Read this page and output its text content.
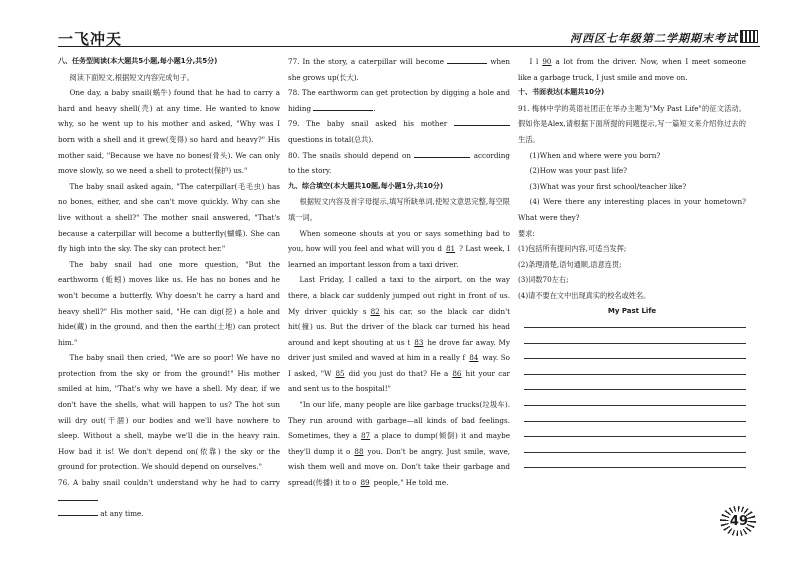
一飞冲天	河西区七年级第二学期期末考试

八、任务型阅读(本大题共5小题,每小题1分,共5分)

阅读下面短文,根据短文内容完成句子。

One day, a baby snail(蜗牛) found that he had to carry a hard and heavy shell(壳) at any time. He wanted to know why, so he went up to his mother and asked, "Why was I born with a shell and it grew(变得) so hard and heavy?" His mother said, "Because we have no bones(骨头). We can only move slowly, so we need a shell to protect(保护) us."

The baby snail asked again, "The caterpillar(毛毛虫) has no bones, either, and she can't move quickly. Why can she live without a shell?" The mother snail answered, "That's because a caterpillar will become a butterfly(蝴蝶). She can fly high into the sky. The sky can protect her."

The baby snail had one more question, "But the earthworm (蚯蚓) moves like us. He has no bones and he won't become a butterfly. Why doesn't he carry a hard and heavy shell?" His mother said, "He can dig(挖) a hole and hide(藏) in the ground, and then the earth(土地) can protect him."

The baby snail then cried, "We are so poor! We have no protection from the sky or from the ground!" His mother smiled at him, "That's why we have a shell. My dear, if we don't have the shells, what will happen to us? The hot sun will dry out(干涸) our bodies and we'll have nowhere to sleep. Without a shell, maybe we'll die in the heavy rain. How bad it is! We don't depend on(依靠) the sky or the ground for protection. We should depend on ourselves."

76. A baby snail couldn't understand why he had to carry
at any time.

77. In the story, a caterpillar will become	when she grows up(长大).

78. The earthworm can get protection by digging a hole and hiding	.

79. The baby snail asked his mother  questions in total(总共).

80. The snails should depend on	according to the story.

九、综合填空(本大题共10题,每小题1分,共10分)

根据短文内容及首字母提示,填写所缺单词,使短文意思完整,每空限填一词。

When someone shouts at you or says something bad to you, how will you feel and what will you d 81 ? Last week, I learned an important lesson from a taxi driver.

Last Friday, I called a taxi to the airport, on the way there, a black car suddenly jumped out right in front of us. My driver quickly s 82 his car, so the black car didn't hit(撞) us. But the driver of the black car turned his head around and kept shouting at us t 83 he drove far away. My driver just smiled and waved at him in a really f 84 way. So I asked, "W 85 did you just do that? He a 86 hit your car and sent us to the hospital!"

"In our life, many people are like garbage trucks(垃圾车). They run around with garbage—all kinds of bad feelings. Sometimes, they a 87 a place to dump(倾倒) it and maybe they'll dump it o 88 you. Don't be angry. Just smile, wave, wish them well and move on. Don't take their garbage and spread(传播) it to o 89 people," He told me.

I l 90 a lot from the driver. Now, when I meet someone like a garbage truck, I just smile and move on.

十、书面表达(本题共10分)

91. 梅林中学的英语社团正在举办主题为"My Past Life"的征文活动。假如你是Alex,请根据下面所提的问题提示,写一篇短文来介绍你过去的生活。

(1)When and where were you born?

(2)How was your past life?

(3)What was your first school/teacher like?

(4) Were there any interesting places in your hometown? What were they?

要求:

(1)包括所有提问内容,可适当发挥;

(2)条理清楚,语句通顺,语意连贯;

(3)词数70左右;

(4)请不要在文中出现真实的校名或姓名。

My Past Life

49
